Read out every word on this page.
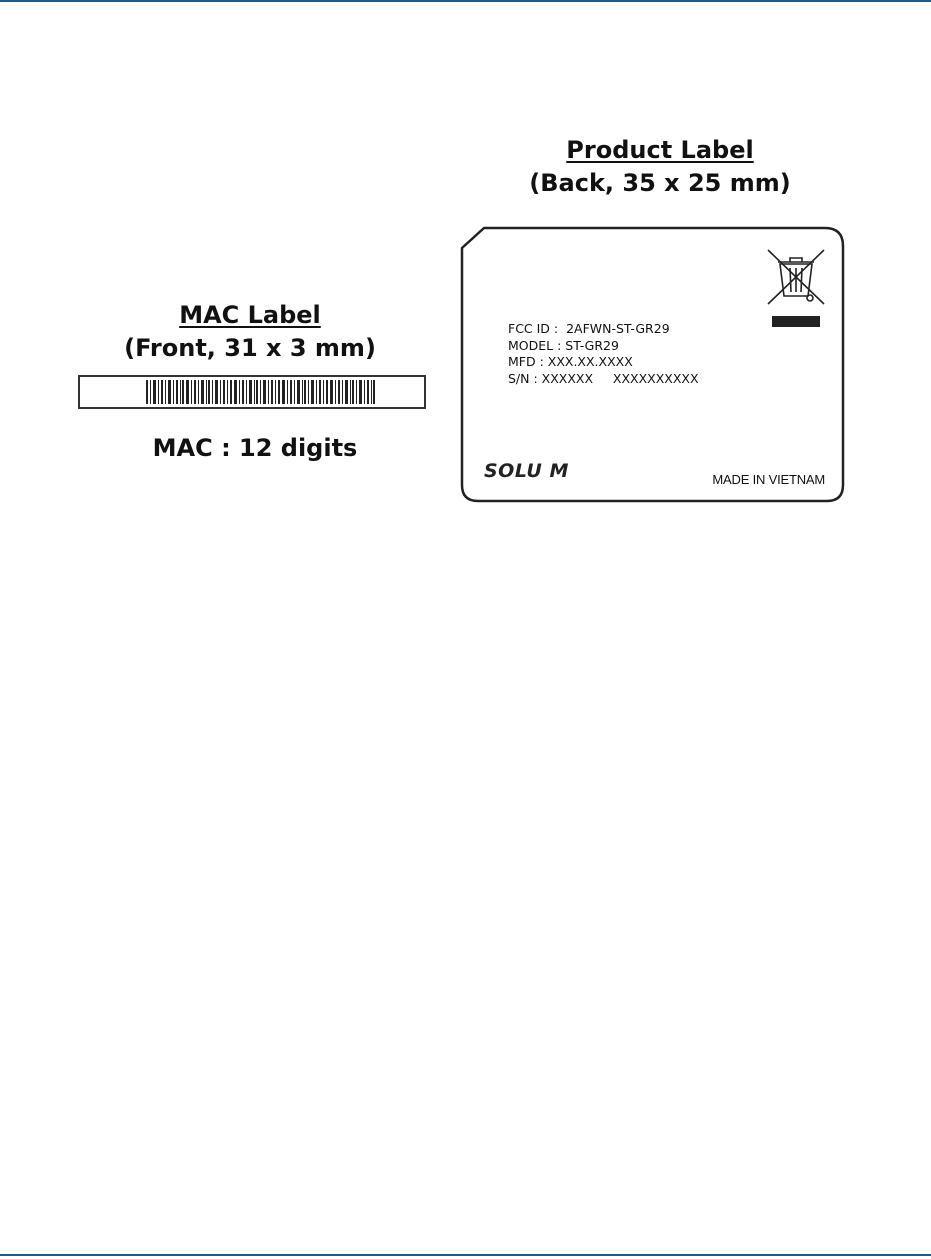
Product Label
(Back, 35 x 25 mm)
MAC Label
(Front, 31 x 3 mm)
MAC : 12 digits
FCC ID :  2AFWN-ST-GR29
MODEL : ST-GR29
MFD : XXX.XX.XXXX
S/N : XXXXXX     XXXXXXXXXX
SOLU M	MADE IN VIETNAM
